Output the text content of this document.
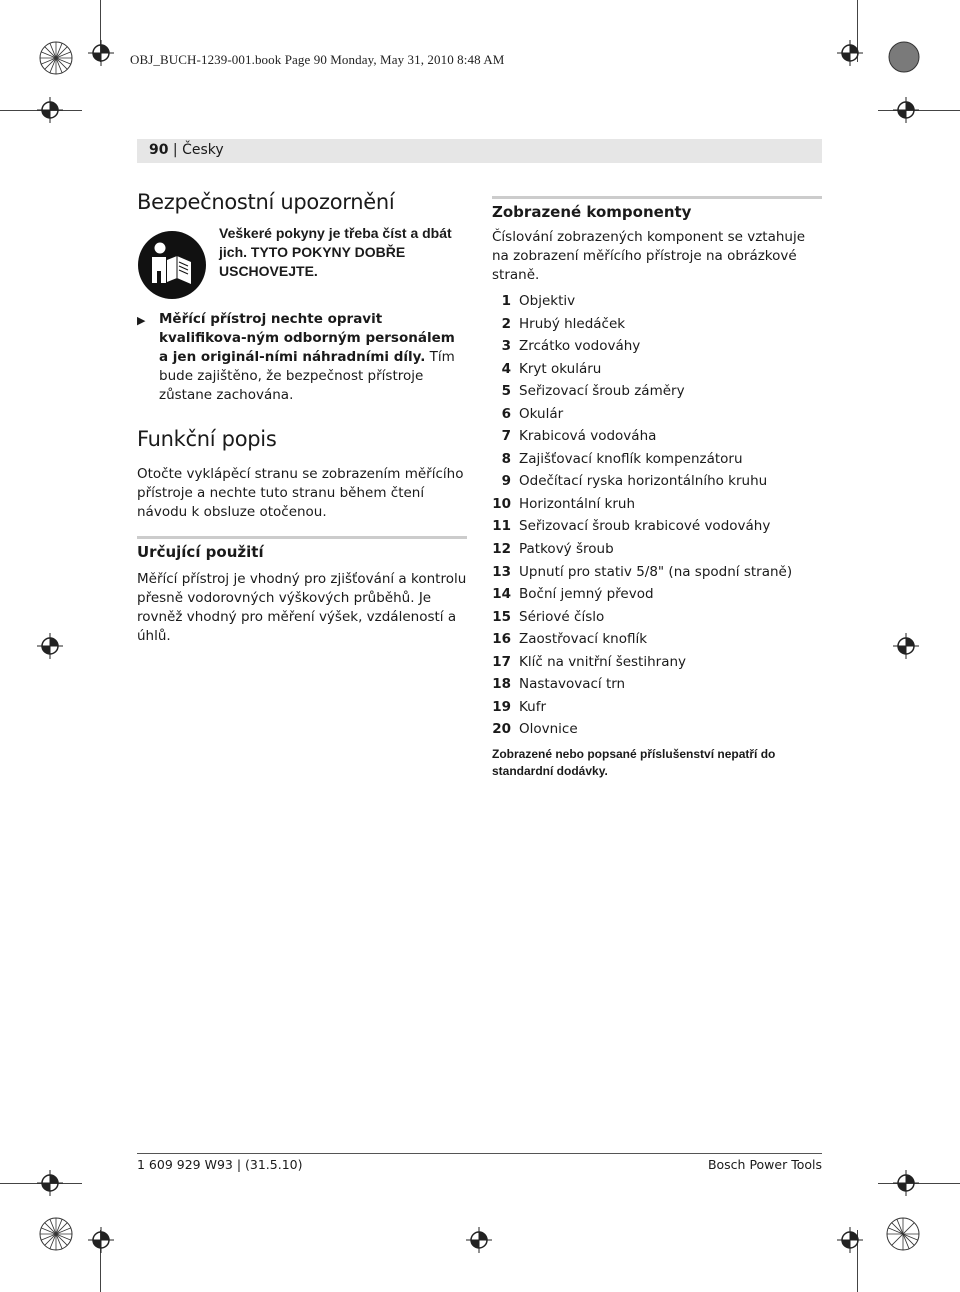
OBJ_BUCH-1239-001.book Page 90 Monday, May 31, 2010 8:48 AM
90 | Česky
Bezpečnostní upozornění
Veškeré pokyny je třeba číst a dbát jich. TYTO POKYNY DOBŘE USCHOVEJTE.
▶ Měřící přístroj nechte opravit kvalifikova-ným odborným personálem a jen originál-ními náhradními díly. Tím bude zajištěno, že bezpečnost přístroje zůstane zachována.
Funkční popis

Otočte vyklápěcí stranu se zobrazením měřícího přístroje a nechte tuto stranu během čtení návodu k obsluze otočenou.

Určující použití

Měřící přístroj je vhodný pro zjišťování a kontrolu přesně vodorovných výškových průběhů. Je rovněž vhodný pro měření výšek, vzdáleností a úhlů.

Zobrazené komponenty

Číslování zobrazených komponent se vztahuje na zobrazení měřícího přístroje na obrázkové straně.

1 Objektiv
2 Hrubý hledáček
3 Zrcátko vodováhy
4 Kryt okuláru
5 Seřizovací šroub záměry
6 Okulár
7 Krabicová vodováha
8 Zajišťovací knoflík kompenzátoru
9 Odečítací ryska horizontálního kruhu
10 Horizontální kruh
11 Seřizovací šroub krabicové vodováhy
12 Patkový šroub
13 Upnutí pro stativ 5/8" (na spodní straně)
14 Boční jemný převod
15 Sériové číslo
16 Zaostřovací knoflík
17 Klíč na vnitřní šestihrany
18 Nastavovací trn
19 Kufr
20 Olovnice

Zobrazené nebo popsané příslušenství nepatří do standardní dodávky.

1 609 929 W93 | (31.5.10)	Bosch Power Tools
